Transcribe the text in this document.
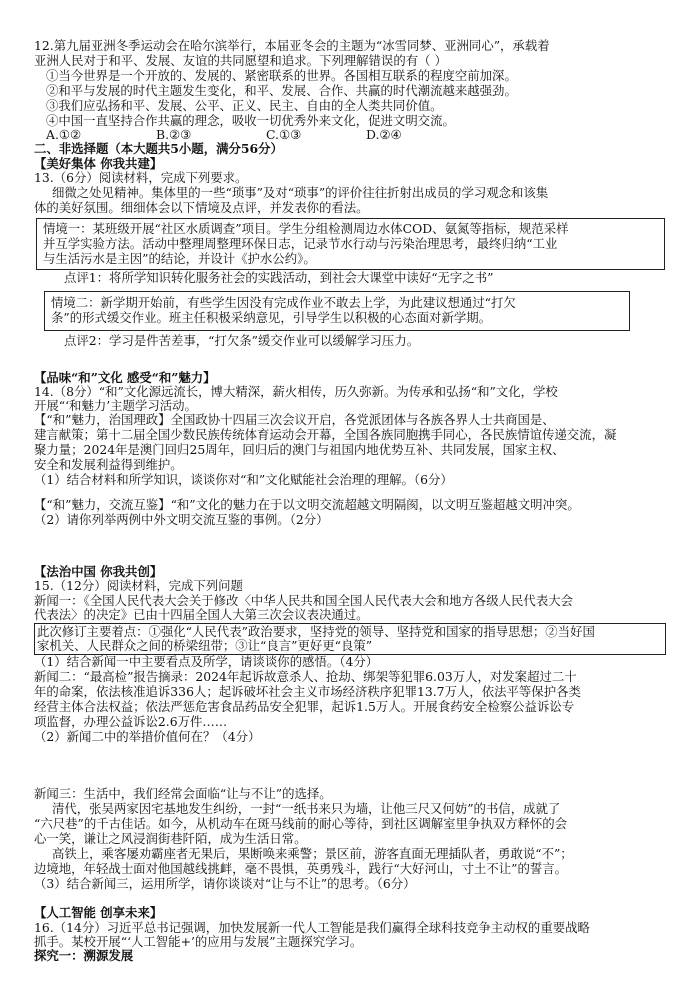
12.第九届亚洲冬季运动会在哈尔滨举行，本届亚冬会的主题为“冰雪同梦、亚洲同心”，承载着
亚洲人民对于和平、发展、友谊的共同愿望和追求。下列理解错误的有（ ）
①当今世界是一个开放的、发展的、紧密联系的世界。各国相互联系的程度空前加深。
②和平与发展的时代主题发生变化，和平、发展、合作、共赢的时代潮流越来越强劲。
③我们应弘扬和平、发展、公平、正义、民主、自由的全人类共同价值。
④中国一直坚持合作共赢的理念，吸收一切优秀外来文化，促进文明交流。
A.①②	B.②③	C.①③	D.②④
二、非选择题（本大题共5小题，满分56分）
【美好集体 你我共建】
13.（6分）阅读材料，完成下列要求。
细微之处见精神。集体里的一些“琐事”及对“琐事”的评价往往折射出成员的学习观念和该集
体的美好氛围。细细体会以下情境及点评，并发表你的看法。
情境一：某班级开展“社区水质调查”项目。学生分组检测周边水体COD、氨氮等指标，规范采样
并互学实验方法。活动中整理周整理环保日志，记录节水行动与污染治理思考，最终归纳“工业
与生活污水是主因”的结论，并设计《护水公约》。
点评1：将所学知识转化服务社会的实践活动，到社会大课堂中读好“无字之书”
情境二：新学期开始前，有些学生因没有完成作业不敢去上学，为此建议想通过“打欠
条”的形式缓交作业。班主任积极采纳意见，引导学生以积极的心态面对新学期。
点评2：学习是件苦差事，“打欠条”缓交作业可以缓解学习压力。
【品味“和”文化 感受“和”魅力】
14.（8分）“和”文化源远流长，博大精深，薪火相传，历久弥新。为传承和弘扬“和”文化，学校
开展“‘和魅力’主题学习活动。
【“和”魅力，治国理政】全国政协十四届三次会议开启，各党派团体与各族各界人士共商国是、
建言献策；第十二届全国少数民族传统体育运动会开幕，全国各族同胞携手同心，各民族情谊传递交流，凝
聚力量；2024年是澳门回归25周年，回归后的澳门与祖国内地优势互补、共同发展，国家主权、
安全和发展利益得到维护。
（1）结合材料和所学知识，谈谈你对“和”文化赋能社会治理的理解。（6分）
【“和”魅力，交流互鉴】“和”文化的魅力在于以文明交流超越文明隔阂，以文明互鉴超越文明冲突。
（2）请你列举两例中外文明交流互鉴的事例。（2分）
【法治中国 你我共创】
15.（12分）阅读材料，完成下列问题
新闻一：《全国人民代表大会关于修改〈中华人民共和国全国人民代表大会和地方各级人民代表大会
代表法〉的决定》已由十四届全国人大第三次会议表决通过。
此次修订主要着点：①强化“人民代表”政治要求，坚持党的领导、坚持党和国家的指导思想；②当好国
家机关、人民群众之间的桥梁纽带；③让“良言”更好更“良策”
（1）结合新闻一中主要看点及所学，请谈谈你的感悟。（4分）
新闻二：“最高检”报告摘录：2024年起诉故意杀人、抢劫、绑架等犯罪6.03万人，对发案超过二十
年的命案，依法核准追诉336人；起诉破坏社会主义市场经济秩序犯罪13.7万人，依法平等保护各类
经营主体合法权益；依法严惩危害食品药品安全犯罪，起诉1.5万人。开展食药安全检察公益诉讼专
项监督，办理公益诉讼2.6万件……
（2）新闻二中的举措价值何在？（4分）
新闻三：生活中，我们经常会面临“让与不让”的选择。
清代，张吴两家因宅基地发生纠纷，一封“一纸书来只为墙，让他三尺又何妨”的书信，成就了
“六尺巷”的千古佳话。如今，从机动车在斑马线前的耐心等待，到社区调解室里争执双方释怀的会
心一笑，谦让之风浸润街巷阡陌，成为生活日常。
高铁上，乘客屡劝霸座者无果后，果断唤来乘警；景区前，游客直面无理插队者，勇敢说“不”；
边境地，年轻战士面对他国越线挑衅，毫不畏惧，英勇残斗，践行“大好河山，寸土不让”的誓言。
（3）结合新闻三，运用所学，请你谈谈对“让与不让”的思考。（6分）
【人工智能 创享未来】
16.（14分）习近平总书记强调，加快发展新一代人工智能是我们赢得全球科技竞争主动权的重要战略
抓手。某校开展“‘人工智能+’的应用与发展”主题探究学习。
探究一：溯源发展
